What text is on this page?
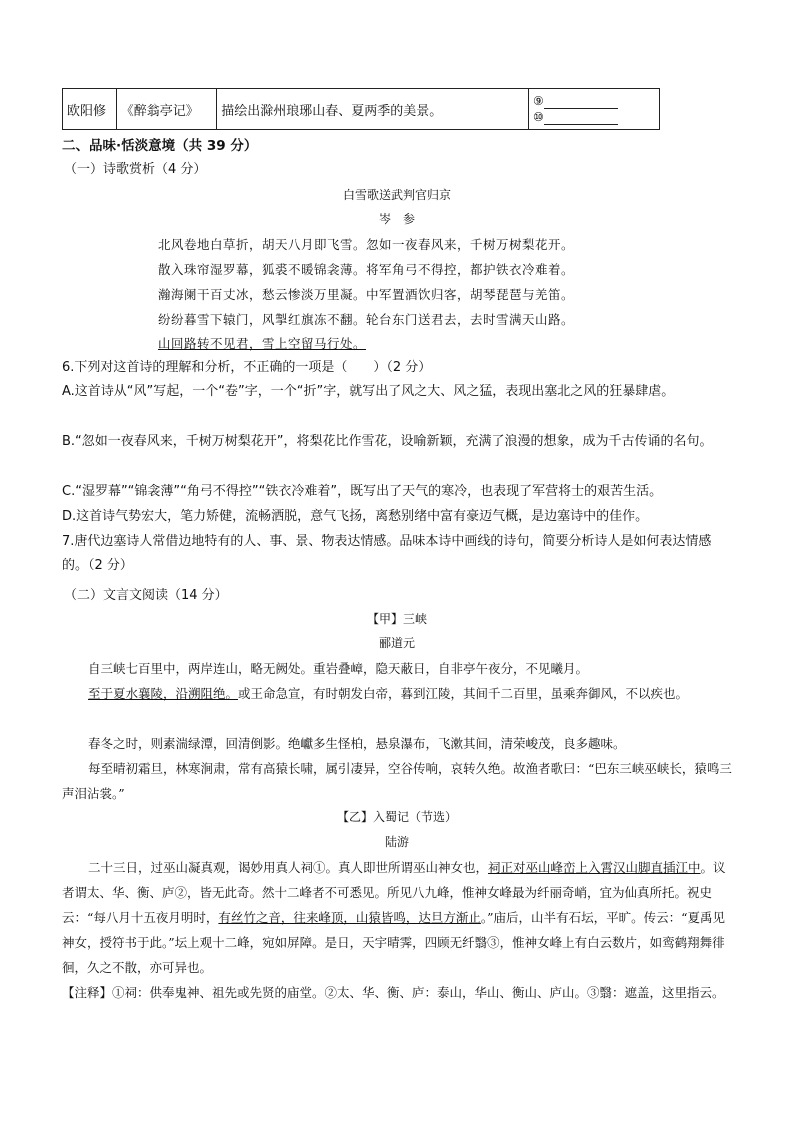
欧阳修	《醉翁亭记》	描绘出滁州琅琊山春、夏两季的美景。	
⑨
⑩
二、品味·恬淡意境（共 39 分）
（一）诗歌赏析（4 分）
白雪歌送武判官归京
岑　参
北风卷地白草折，胡天八月即飞雪。忽如一夜春风来，千树万树梨花开。
散入珠帘湿罗幕，狐裘不暖锦衾薄。将军角弓不得控，都护铁衣冷难着。
瀚海阑干百丈冰，愁云惨淡万里凝。中军置酒饮归客，胡琴琵琶与羌笛。
纷纷暮雪下辕门，风掣红旗冻不翻。轮台东门送君去，去时雪满天山路。
山回路转不见君，雪上空留马行处。
6.下列对这首诗的理解和分析，不正确的一项是（　　）（2 分）
A.这首诗从“风”写起，一个“卷”字，一个“折”字，就写出了风之大、风之猛，表现出塞北之风的狂暴肆虐。
B.“忽如一夜春风来，千树万树梨花开”，将梨花比作雪花，设喻新颖，充满了浪漫的想象，成为千古传诵的名句。
C.“湿罗幕”“锦衾薄”“角弓不得控”“铁衣冷难着”，既写出了天气的寒冷，也表现了军营将士的艰苦生活。
D.这首诗气势宏大，笔力矫健，流畅洒脱，意气飞扬，离愁别绪中富有豪迈气概，是边塞诗中的佳作。
7.唐代边塞诗人常借边地特有的人、事、景、物表达情感。品味本诗中画线的诗句，简要分析诗人是如何表达情感的。（2 分）
（二）文言文阅读（14 分）
【甲】三峡
郦道元
自三峡七百里中，两岸连山，略无阙处。重岩叠嶂，隐天蔽日，自非亭午夜分，不见曦月。
至于夏水襄陵，沿溯阻绝。或王命急宣，有时朝发白帝，暮到江陵，其间千二百里，虽乘奔御风，不以疾也。
春冬之时，则素湍绿潭，回清倒影。绝巘多生怪柏，悬泉瀑布，飞漱其间，清荣峻茂，良多趣味。
每至晴初霜旦，林寒涧肃，常有高猿长啸，属引凄异，空谷传响，哀转久绝。故渔者歌曰：“巴东三峡巫峡长，猿鸣三声泪沾裳。”
【乙】入蜀记（节选）
陆游
二十三日，过巫山凝真观，谒妙用真人祠①。真人即世所谓巫山神女也，祠正对巫山峰峦上入霄汉山脚直插江中。议者谓太、华、衡、庐②，皆无此奇。然十二峰者不可悉见。所见八九峰，惟神女峰最为纤丽奇峭，宜为仙真所托。祝史云：“每八月十五夜月明时，有丝竹之音，往来峰顶，山猿皆鸣，达旦方渐止。”庙后，山半有石坛，平旷。传云：“夏禹见神女，授符书于此。”坛上观十二峰，宛如屏障。是日，天宇晴霁，四顾无纤翳③，惟神女峰上有白云数片，如鸾鹤翔舞徘徊，久之不散，亦可异也。
【注释】①祠：供奉鬼神、祖先或先贤的庙堂。②太、华、衡、庐：泰山，华山、衡山、庐山。③翳：遮盖，这里指云。
